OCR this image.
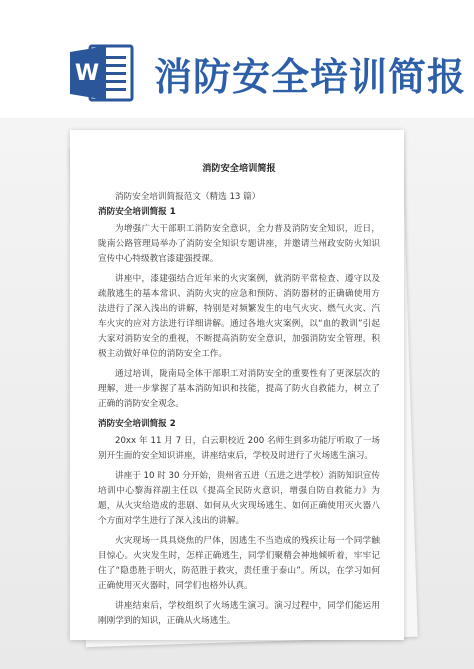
W 消防安全培训简报
消防安全培训简报

消防安全培训简报范文（精选 13 篇）

消防安全培训简报 1

为增强广大干部职工消防安全意识，全力普及消防安全知识，近日，陇南公路管理局举办了消防安全知识专题讲座，并邀请兰州政安防火知识宣传中心特级教官漆建强授课。

讲座中，漆建强结合近年来的火灾案例，就消防平常检查、遵守以及疏散逃生的基本常识、消防火灾的应急和预防、消防器材的正确确使用方法进行了深入浅出的讲解，特别是对频繁发生的电气火灾、燃气火灾、汽车火灾的应对方法进行详细讲解。通过各地火灾案例，以“血的教训”引起大家对消防安全的重视，不断提高消防安全意识，加强消防安全管理，积极主动做好单位的消防安全工作。

通过培训，陇南局全体干部职工对消防安全的重要性有了更深层次的理解，进一步掌握了基本消防知识和技能，提高了防火自救能力，树立了正确的消防安全观念。

消防安全培训简报 2

20xx 年 11 月 7 日，白云职校近 200 名师生到多功能厅听取了一场别开生面的安全知识讲座，讲座结束后，学校及时进行了火场逃生演习。

讲座于 10 时 30 分开始，贵州省五进（五进之进学校）消防知识宣传培训中心黎海祥副主任以《提高全民防火意识，增强自防自救能力》为题，从火灾给造成的悲剧、如何从火灾现场逃生、如何正确使用灭火器八个方面对学生进行了深入浅出的讲解。

火灾现场一具具烧焦的尸体，因逃生不当造成的残疾让每一个同学触目惊心。火灾发生时，怎样正确逃生，同学们聚精会神地倾听着，牢牢记住了“隐患胜于明火，防范胜于救灾，责任重于泰山”。所以，在学习如何正确使用灭火器时，同学们也格外认真。

讲座结束后，学校组织了火场逃生演习。演习过程中，同学们能运用刚刚学到的知识，正确从火场逃生。
